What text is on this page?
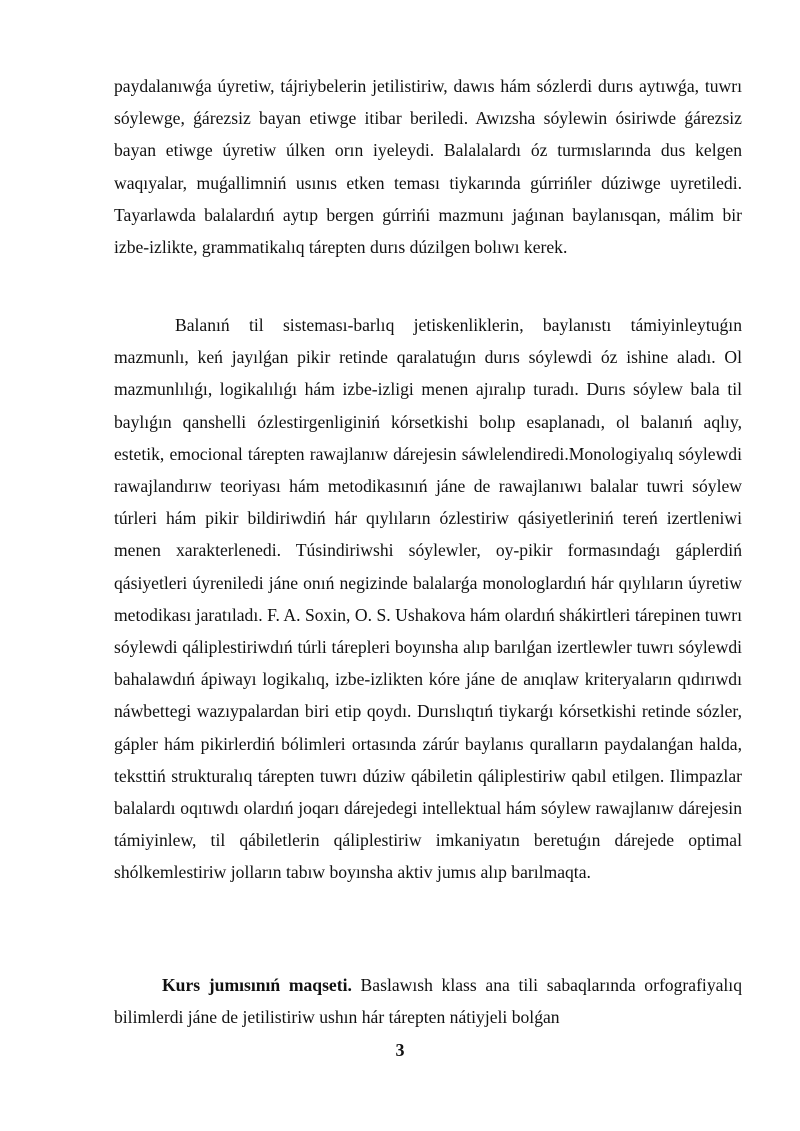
paydalanıwǵa úyretiw, tájriybelerin jetilistiriw, dawıs hám sózlerdi durıs aytıwǵa, tuwrı sóylewge, ǵárezsiz bayan etiwge itibar beriledi. Awızsha sóylewin ósiriwde ǵárezsiz bayan etiwge úyretiw úlken orın iyeleydi. Balalalardı óz turmıslarında dus kelgen waqıyalar, muǵallimniń usınıs etken teması tiykarında gúrrińler dúziwge uyretiledi. Tayarlawda balalardıń aytıp bergen gúrrińi mazmunı jaǵınan baylanısqan, málim bir izbe-izlikte, grammatikalıq tárepten durıs dúzilgen bolıwı kerek.

Balanıń til sisteması-barlıq jetiskenliklerin, baylanıstı támiyinleytuǵın mazmunlı, keń jayılǵan pikir retinde qaralatuǵın durıs sóylewdi óz ishine aladı. Ol mazmunlılıǵı, logikalılıǵı hám izbe-izligi menen ajıralıp turadı. Durıs sóylew bala til baylıǵın qanshelli ózlestirgenliginiń kórsetkishi bolıp esaplanadı, ol balanıń aqlıy, estetik, emocional tárepten rawajlanıw dárejesin sáwlelendiredi.Monologiyalıq sóylewdi rawajlandırıw teoriyası hám metodikasınıń jáne de rawajlanıwı balalar tuwri sóylew túrleri hám pikir bildiriwdiń hár qıylıların ózlestiriw qásiyetleriniń tereń izertleniwi menen xarakterlenedi. Túsindiriwshi sóylewler, oy-pikir formasındaǵı gáplerdiń qásiyetleri úyreniledi jáne onıń negizinde balalarǵa monologlardıń hár qıylıların úyretiw metodikası jaratıladı. F. A. Soxin, O. S. Ushakova hám olardıń shákirtleri tárepinen tuwrı sóylewdi qáliplestiriwdıń túrli tárepleri boyınsha alıp barılǵan izertlewler tuwrı sóylewdi bahalawdıń ápiwayı logikalıq, izbe-izlikten kóre jáne de anıqlaw kriteryaların qıdırıwdı náwbettegi wazıypalardan biri etip qoydı. Durıslıqtıń tiykarǵı kórsetkishi retinde sózler, gápler hám pikirlerdiń bólimleri ortasında zárúr baylanıs quralların paydalanǵan halda, teksttiń strukturalıq tárepten tuwrı dúziw qábiletin qáliplestiriw qabıl etilgen. Ilimpazlar balalardı oqıtıwdı olardıń joqarı dárejedegi intellektual hám sóylew rawajlanıw dárejesin támiyinlew, til qábiletlerin qáliplestiriw imkaniyatın beretuǵın dárejede optimal shólkemlestiriw jolların tabıw boyınsha aktiv jumıs alıp barılmaqta.

Kurs jumısınıń maqseti. Baslawısh klass ana tili sabaqlarında orfografiyalıq bilimlerdi jáne de jetilistiriw ushın hár tárepten nátiyjeli bolǵan

3
